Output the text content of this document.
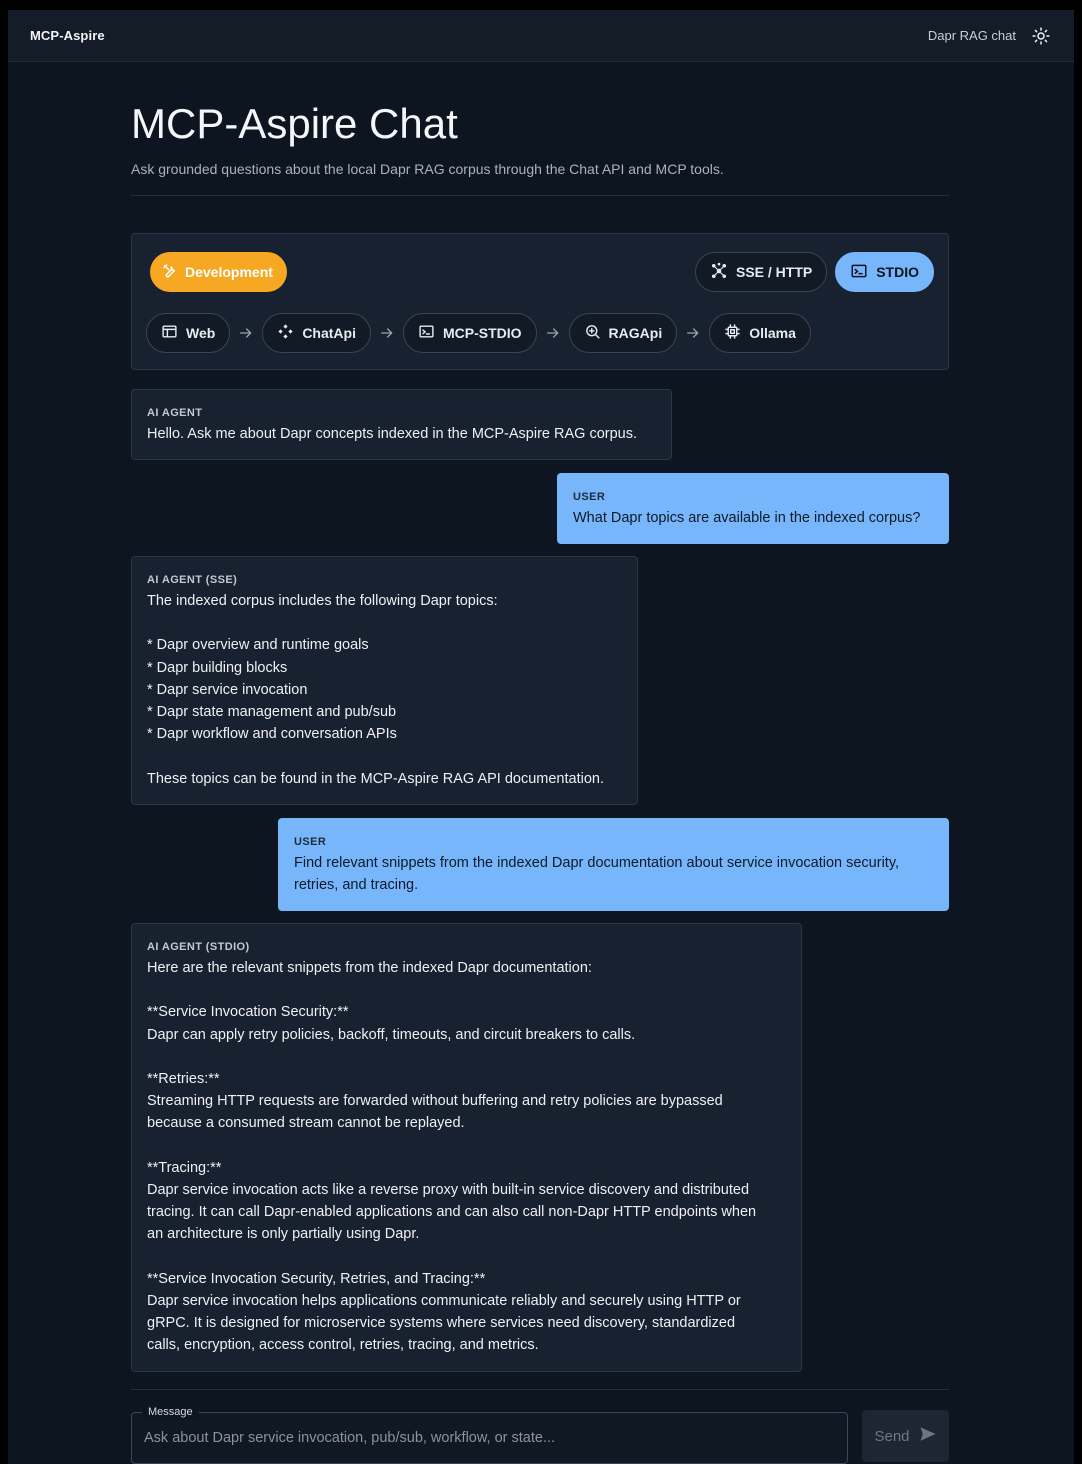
MCP-Aspire	Dapr RAG chat
MCP-Aspire Chat

Ask grounded questions about the local Dapr RAG corpus through the Chat API and MCP tools.

Development	SSE / HTTP	STDIO
Web	ChatApi	MCP-STDIO	RAGApi	Ollama
AI AGENT
Hello. Ask me about Dapr concepts indexed in the MCP-Aspire RAG corpus.
USER
What Dapr topics are available in the indexed corpus?
AI AGENT (SSE)
The indexed corpus includes the following Dapr topics:

* Dapr overview and runtime goals
* Dapr building blocks
* Dapr service invocation
* Dapr state management and pub/sub
* Dapr workflow and conversation APIs

These topics can be found in the MCP-Aspire RAG API documentation.
USER
Find relevant snippets from the indexed Dapr documentation about service invocation security, retries, and tracing.
AI AGENT (STDIO)
Here are the relevant snippets from the indexed Dapr documentation:

**Service Invocation Security:**
Dapr can apply retry policies, backoff, timeouts, and circuit breakers to calls.

**Retries:**
Streaming HTTP requests are forwarded without buffering and retry policies are bypassed
because a consumed stream cannot be replayed.

**Tracing:**
Dapr service invocation acts like a reverse proxy with built-in service discovery and distributed
tracing. It can call Dapr-enabled applications and can also call non-Dapr HTTP endpoints when
an architecture is only partially using Dapr.

**Service Invocation Security, Retries, and Tracing:**
Dapr service invocation helps applications communicate reliably and securely using HTTP or
gRPC. It is designed for microservice systems where services need discovery, standardized
calls, encryption, access control, retries, tracing, and metrics.
Message
Ask about Dapr service invocation, pub/sub, workflow, or state...
Send
